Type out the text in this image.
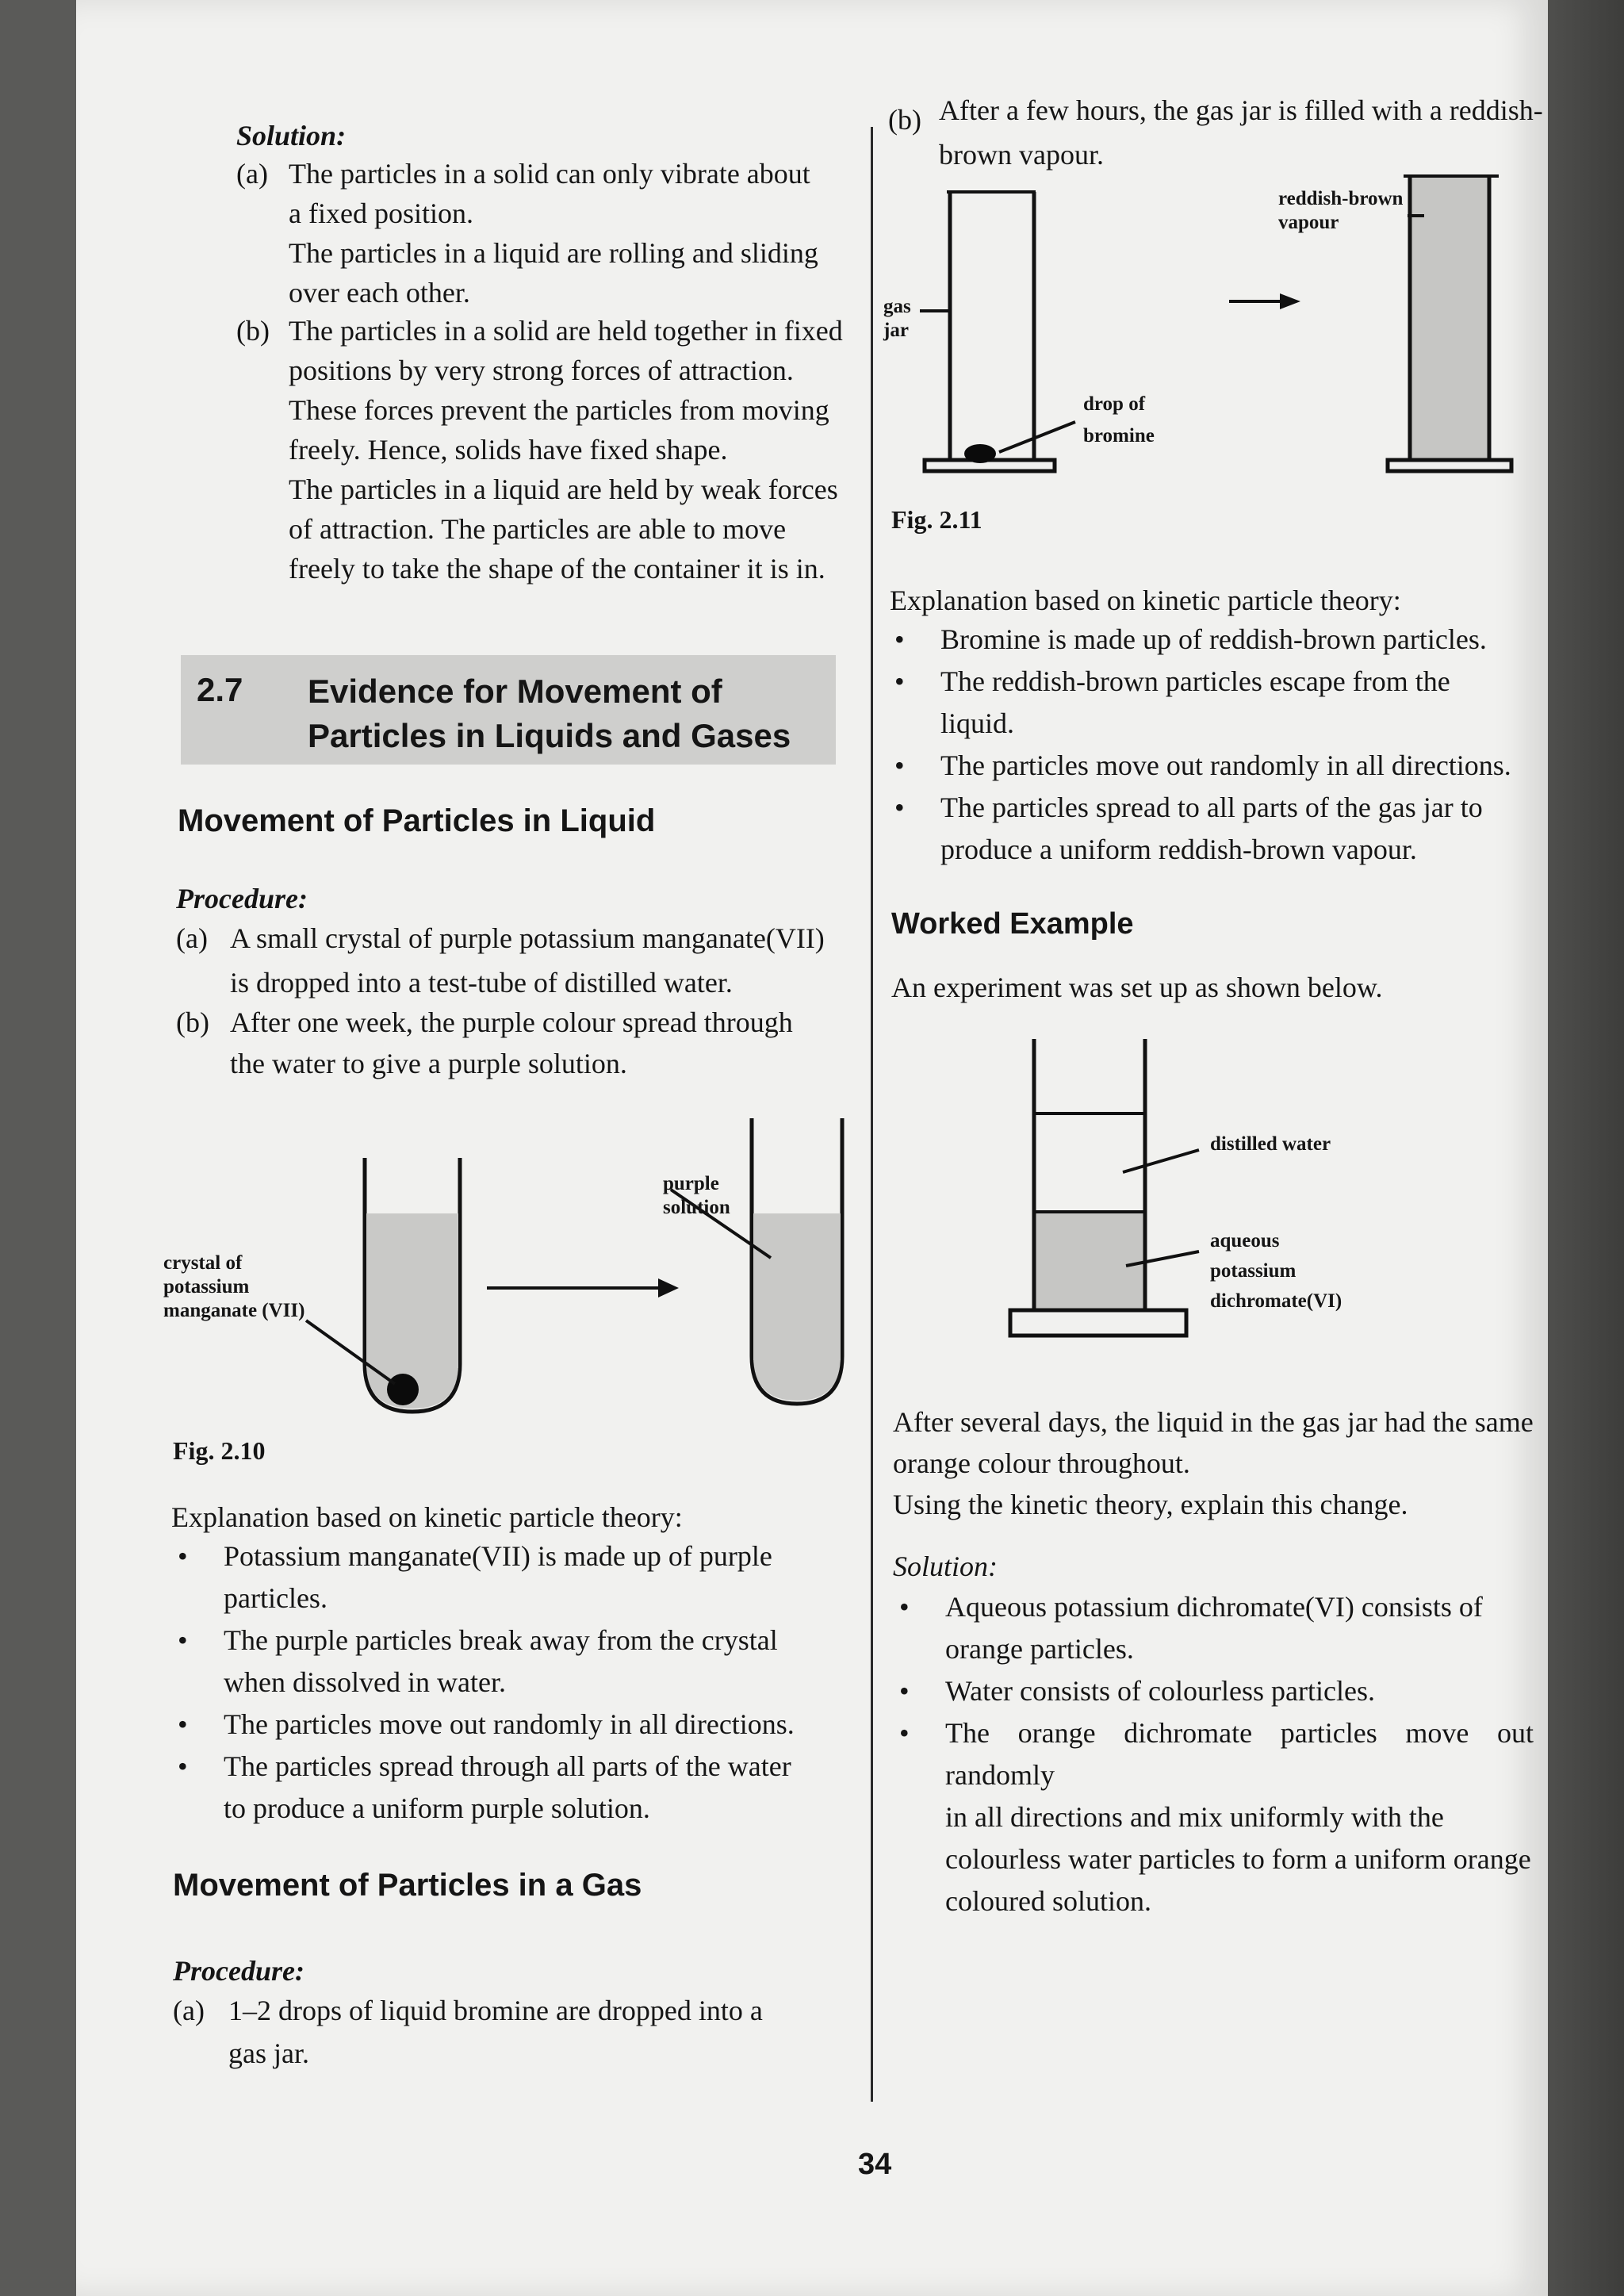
Solution:
(a) The particles in a solid can only vibrate about
a fixed position.
The particles in a liquid are rolling and sliding
over each other.
(b) The particles in a solid are held together in fixed
positions by very strong forces of attraction.
These forces prevent the particles from moving
freely. Hence, solids have fixed shape.
The particles in a liquid are held by weak forces
of attraction. The particles are able to move
freely to take the shape of the container it is in.
2.7 Evidence for Movement of
Particles in Liquids and Gases
Movement of Particles in Liquid
Procedure:
(a) A small crystal of purple potassium manganate(VII)
is dropped into a test-tube of distilled water.
(b) After one week, the purple colour spread through
the water to give a purple solution.
crystal of
potassium
manganate (VII)
purple
solution
Fig. 2.10
Explanation based on kinetic particle theory:
• Potassium manganate(VII) is made up of purple
particles.
• The purple particles break away from the crystal
when dissolved in water.
• The particles move out randomly in all directions.
• The particles spread through all parts of the water
to produce a uniform purple solution.
Movement of Particles in a Gas
Procedure:
(a) 1–2 drops of liquid bromine are dropped into a
gas jar.
(b) After a few hours, the gas jar is filled with a reddish-
brown vapour.
gas
jar
drop of
bromine
reddish-brown
vapour
Fig. 2.11
Explanation based on kinetic particle theory:
• Bromine is made up of reddish-brown particles.
• The reddish-brown particles escape from the
liquid.
• The particles move out randomly in all directions.
• The particles spread to all parts of the gas jar to
produce a uniform reddish-brown vapour.
Worked Example
An experiment was set up as shown below.
distilled water
aqueous
potassium
dichromate(VI)
After several days, the liquid in the gas jar had the same
orange colour throughout.
Using the kinetic theory, explain this change.
Solution:
• Aqueous potassium dichromate(VI) consists of
orange particles.
• Water consists of colourless particles.
• The orange dichromate particles move out randomly
in all directions and mix uniformly with the
colourless water particles to form a uniform orange
coloured solution.
34
